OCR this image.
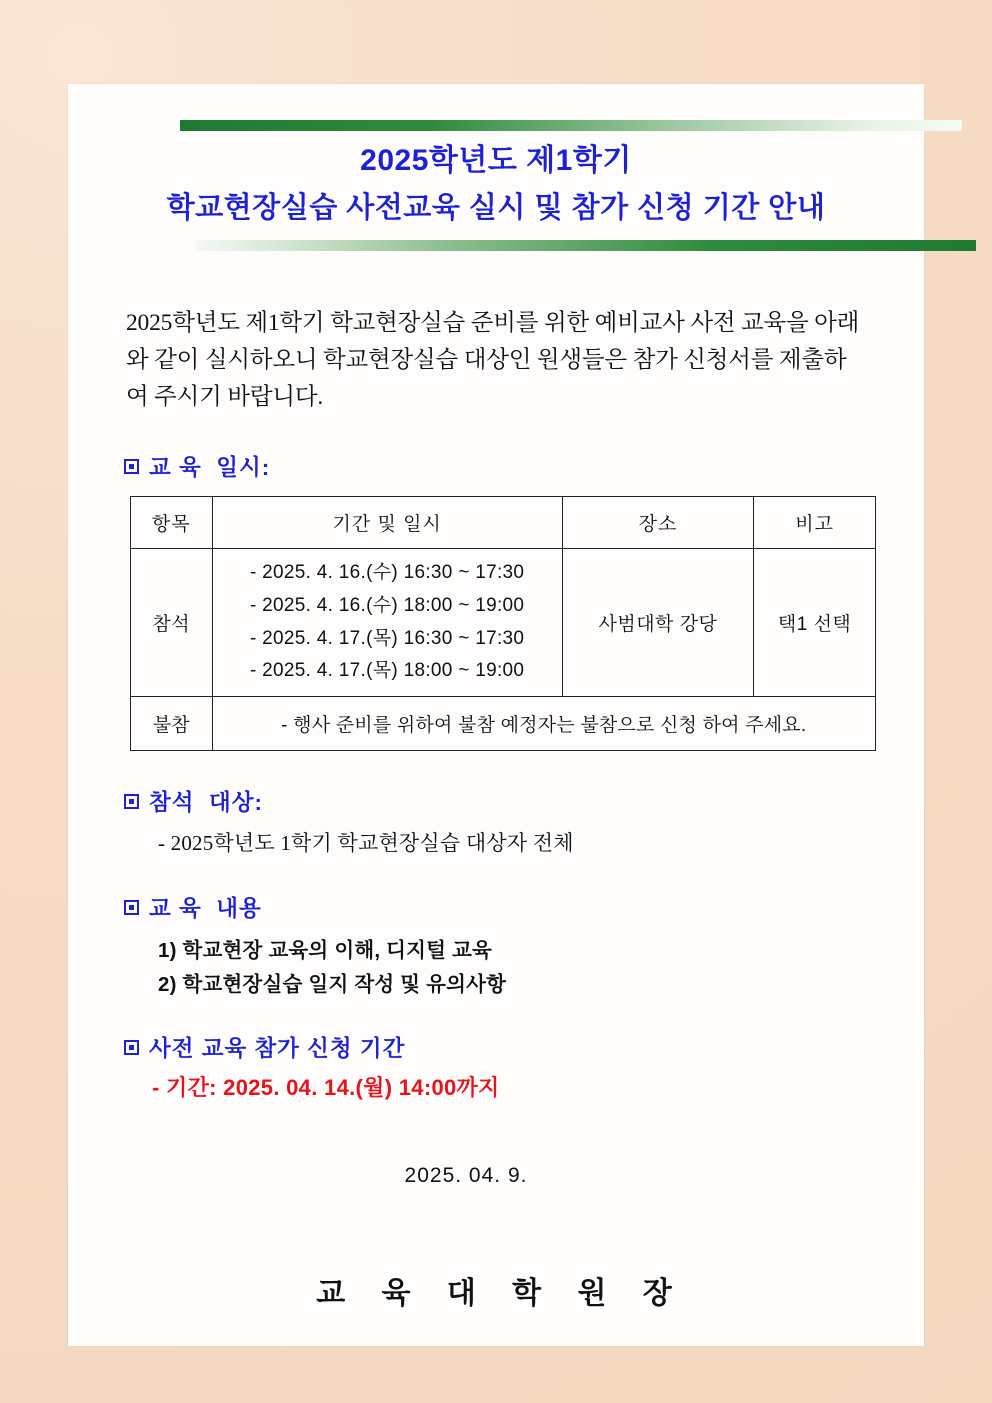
2025학년도 제1학기
학교현장실습 사전교육 실시 및 참가 신청 기간 안내

2025학년도 제1학기 학교현장실습 준비를 위한 예비교사 사전 교육을 아래와 같이 실시하오니 학교현장실습 대상인 원생들은 참가 신청서를 제출하여 주시기 바랍니다.

교 육  일시:
항목	기간 및 일시	장소	비고
참석	- 2025. 4. 16.(수) 16:30 ~ 17:30
- 2025. 4. 16.(수) 18:00 ~ 19:00
- 2025. 4. 17.(목) 16:30 ~ 17:30
- 2025. 4. 17.(목) 18:00 ~ 19:00	사범대학 강당	택1 선택
불참	- 행사 준비를 위하여 불참 예정자는 불참으로 신청 하여 주세요.		
참석  대상:
- 2025학년도 1학기 학교현장실습 대상자 전체
교 육  내용
1) 학교현장 교육의 이해, 디지털 교육
2) 학교현장실습 일지 작성 및 유의사항
사전 교육 참가 신청 기간
- 기간: 2025. 04. 14.(월) 14:00까지
2025. 04. 9.
교 육 대 학 원 장
